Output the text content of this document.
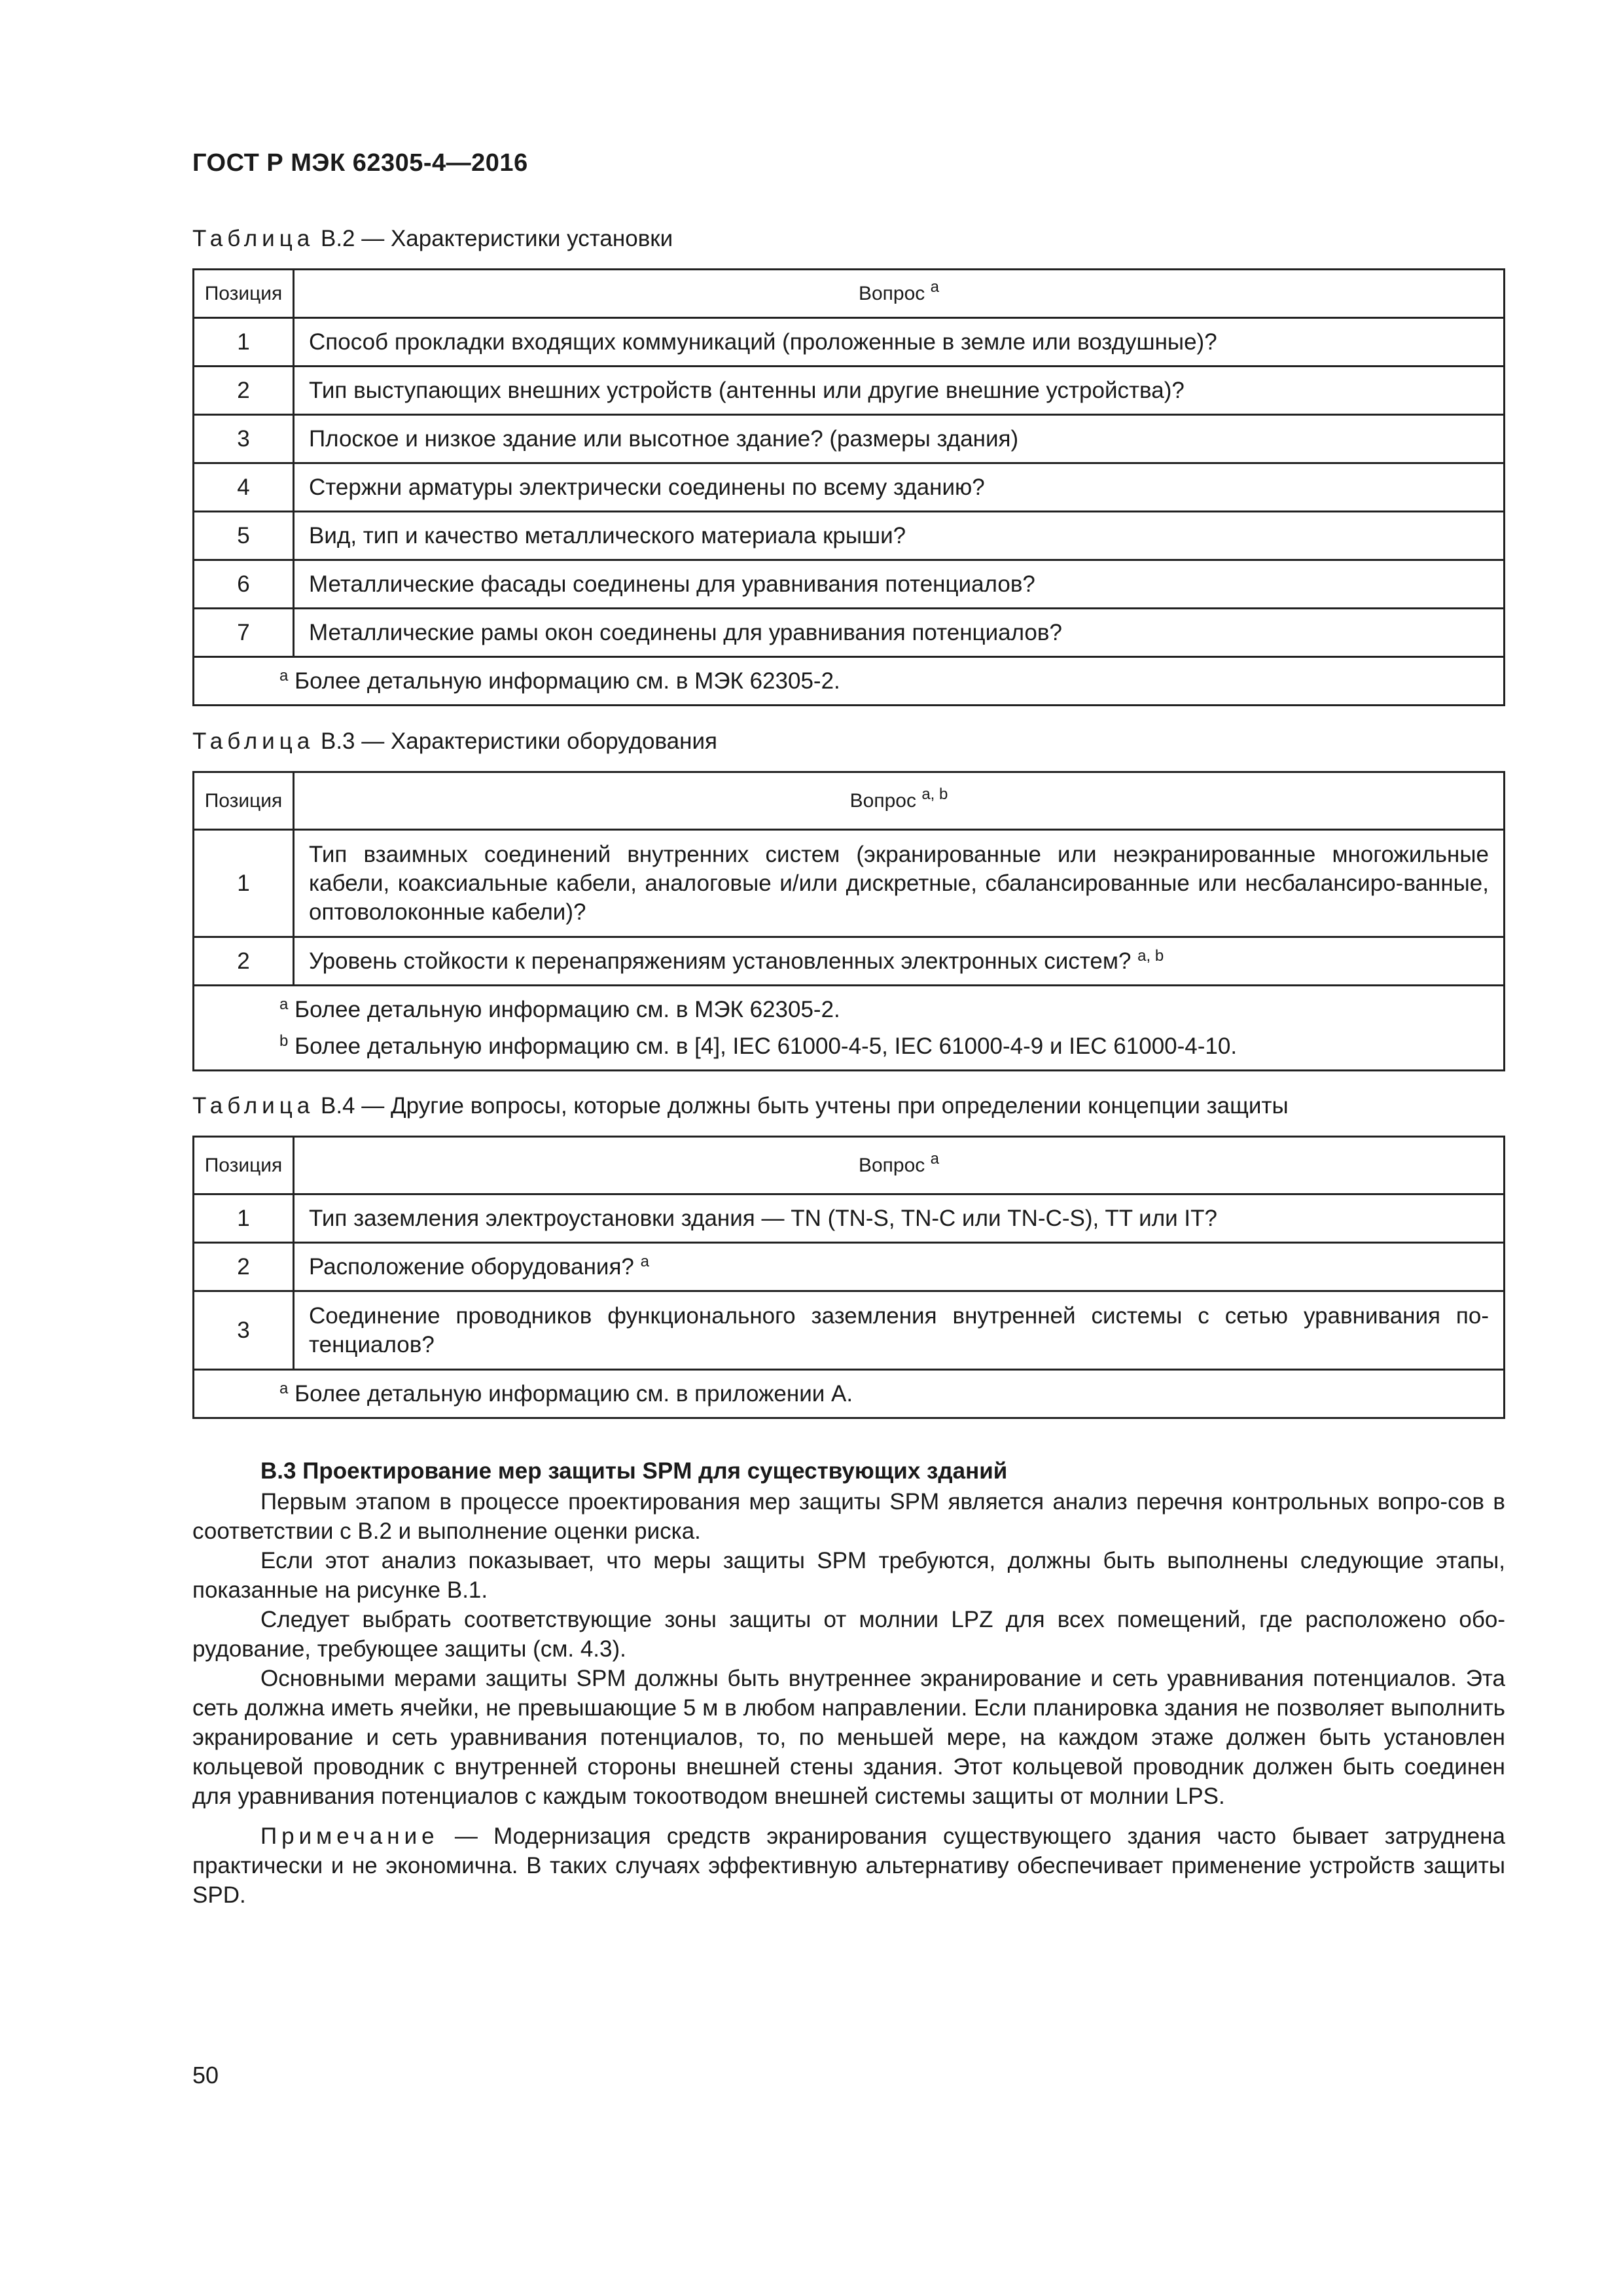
ГОСТ Р МЭК 62305-4—2016
Таблица B.2 — Характеристики установки
Позиция	Вопрос $^a$
1	Способ прокладки входящих коммуникаций (проложенные в земле или воздушные)?
2	Тип выступающих внешних устройств (антенны или другие внешние устройства)?
3	Плоское и низкое здание или высотное здание? (размеры здания)
4	Стержни арматуры электрически соединены по всему зданию?
5	Вид, тип и качество металлического материала крыши?
6	Металлические фасады соединены для уравнивания потенциалов?
7	Металлические рамы окон соединены для уравнивания потенциалов?

$^a$ Более детальную информацию см. в МЭК 62305-2.	
Таблица B.3 — Характеристики оборудования
Позиция	Вопрос $^{a, b}$
1	Тип взаимных соединений внутренних систем (экранированные или неэкранированные многожильные кабели, коаксиальные кабели, аналоговые и/или дискретные, сбалансированные или несбалансиро-ванные, оптоволоконные кабели)?
2	Уровень стойкости к перенапряжениям установленных электронных систем? $^{a, b}$

$^a$ Более детальную информацию см. в МЭК 62305-2.
$^b$ Более детальную информацию см. в [4], IEC 61000-4-5, IEC 61000-4-9 и IEC 61000-4-10.	
Таблица B.4 — Другие вопросы, которые должны быть учтены при определении концепции защиты
Позиция	Вопрос $^a$
1	Тип заземления электроустановки здания — TN (TN-S, TN-C или TN-C-S), TT или IT?
2	Расположение оборудования? $^a$
3	Соединение проводников функционального заземления внутренней системы с сетью уравнивания по-тенциалов?

$^a$ Более детальную информацию см. в приложении А.	
B.3 Проектирование мер защиты SPM для существующих зданий

Первым этапом в процессе проектирования мер защиты SPM является анализ перечня контрольных вопро-сов в соответствии с B.2 и выполнение оценки риска.

Если этот анализ показывает, что меры защиты SPM требуются, должны быть выполнены следующие этапы, показанные на рисунке B.1.

Следует выбрать соответствующие зоны защиты от молнии LPZ для всех помещений, где расположено обо-рудование, требующее защиты (см. 4.3).

Основными мерами защиты SPM должны быть внутреннее экранирование и сеть уравнивания потенциалов. Эта сеть должна иметь ячейки, не превышающие 5 м в любом направлении. Если планировка здания не позволяет выполнить экранирование и сеть уравнивания потенциалов, то, по меньшей мере, на каждом этаже должен быть установлен кольцевой проводник с внутренней стороны внешней стены здания. Этот кольцевой проводник должен быть соединен для уравнивания потенциалов с каждым токоотводом внешней системы защиты от молнии LPS.

Примечание — Модернизация средств экранирования существующего здания часто бывает затруднена практически и не экономична. В таких случаях эффективную альтернативу обеспечивает применение устройств защиты SPD.

50
